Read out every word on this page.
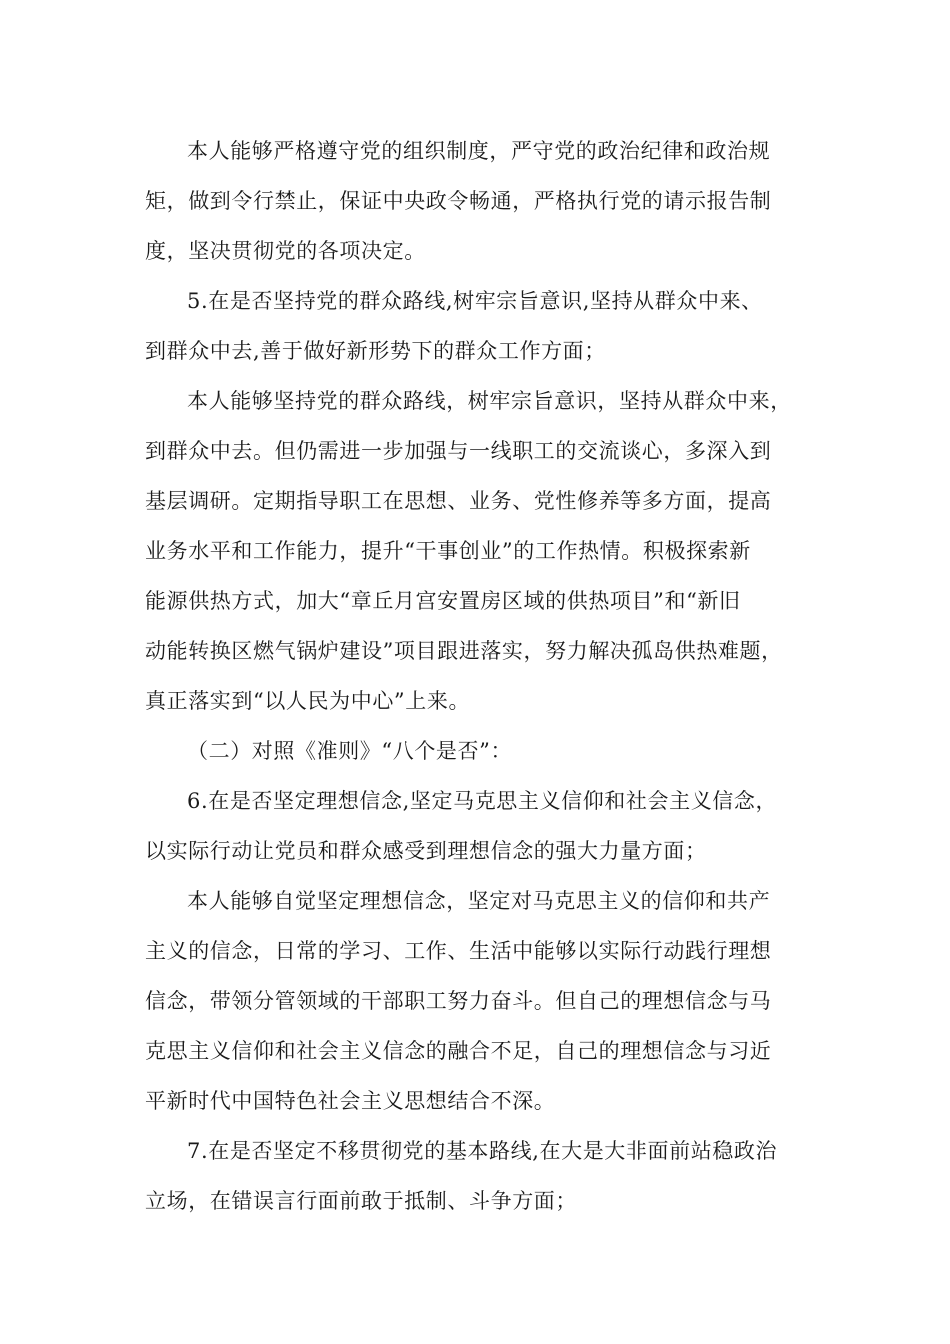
本人能够严格遵守党的组织制度，严守党的政治纪律和政治规

矩，做到令行禁止，保证中央政令畅通，严格执行党的请示报告制

度，坚决贯彻党的各项决定。

5.在是否坚持党的群众路线,树牢宗旨意识,坚持从群众中来、

到群众中去,善于做好新形势下的群众工作方面；

本人能够坚持党的群众路线，树牢宗旨意识，坚持从群众中来，

到群众中去。但仍需进一步加强与一线职工的交流谈心，多深入到

基层调研。定期指导职工在思想、业务、党性修养等多方面，提高

业务水平和工作能力，提升“干事创业”的工作热情。积极探索新

能源供热方式，加大“章丘月宫安置房区域的供热项目”和“新旧

动能转换区燃气锅炉建设”项目跟进落实，努力解决孤岛供热难题，

真正落实到“以人民为中心”上来。

（二）对照《准则》“八个是否”：

6.在是否坚定理想信念,坚定马克思主义信仰和社会主义信念，

以实际行动让党员和群众感受到理想信念的强大力量方面；

本人能够自觉坚定理想信念，坚定对马克思主义的信仰和共产

主义的信念，日常的学习、工作、生活中能够以实际行动践行理想

信念，带领分管领域的干部职工努力奋斗。但自己的理想信念与马

克思主义信仰和社会主义信念的融合不足，自己的理想信念与习近

平新时代中国特色社会主义思想结合不深。

7.在是否坚定不移贯彻党的基本路线,在大是大非面前站稳政治

立场，在错误言行面前敢于抵制、斗争方面；
